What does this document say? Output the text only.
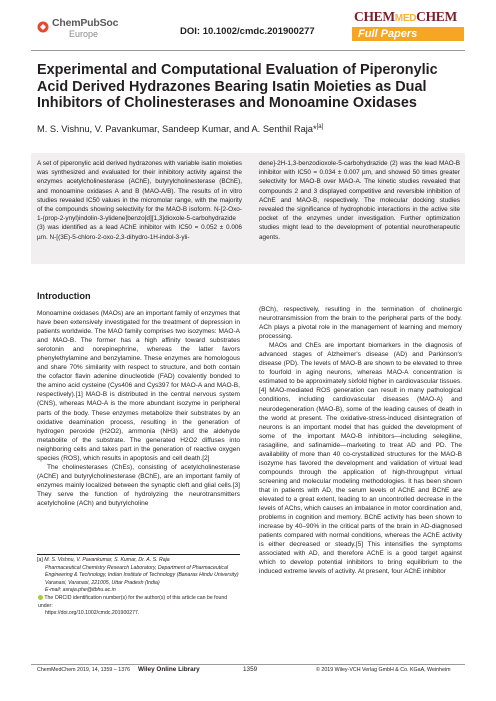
ChemPubSoc
Europe	DOI: 10.1002/cmdc.201900277
CHEMMEDCHEM
Full Papers
Experimental and Computational Evaluation of Piperonylic Acid Derived Hydrazones Bearing Isatin Moieties as Dual Inhibitors of Cholinesterases and Monoamine Oxidases
M. S. Vishnu, V. Pavankumar, Sandeep Kumar, and A. Senthil Raja*[a]

A set of piperonylic acid derived hydrazones with variable isatin moieties was synthesized and evaluated for their inhibitory activity against the enzymes acetylcholinesterase (AChE), butyrylcholinesterase (BChE), and monoamine oxidases A and B (MAO-A/B). The results of in vitro studies revealed IC50 values in the micromolar range, with the majority of the compounds showing selectivity for the MAO-B isoform. N-[2-Oxo-1-(prop-2-ynyl)indolin-3-ylidene]benzo[d][1,3]dioxole-5-carbohydrazide (3) was identified as a lead AChE inhibitor with IC50 = 0.052 ± 0.006 µm. N-[(3E)-5-chloro-2-oxo-2,3-dihydro-1H-indol-3-yli-

dene]-2H-1,3-benzodioxole-5-carbohydrazide (2) was the lead MAO-B inhibitor with IC50 = 0.034 ± 0.007 µm, and showed 50 times greater selectivity for MAO-B over MAO-A. The kinetic studies revealed that compounds 2 and 3 displayed competitive and reversible inhibition of AChE and MAO-B, respectively. The molecular docking studies revealed the significance of hydrophobic interactions in the active site pocket of the enzymes under investigation. Further optimization studies might lead to the development of potential neurotherapeutic agents.

Introduction

Monoamine oxidases (MAOs) are an important family of enzymes that have been extensively investigated for the treatment of depression in patients worldwide. The MAO family comprises two isozymes: MAO-A and MAO-B. The former has a high affinity toward substrates serotonin and norepinephrine, whereas the latter favors phenylethylamine and benzylamine. These enzymes are homologous and share 70% similarity with respect to structure, and both contain the cofactor flavin adenine dinucleotide (FAD) covalently bonded to the amino acid cysteine (Cys406 and Cys397 for MAO-A and MAO-B, respectively).[1] MAO-B is distributed in the central nervous system (CNS), whereas MAO-A is the more abundant isozyme in peripheral parts of the body. These enzymes metabolize their substrates by an oxidative deamination process, resulting in the generation of hydrogen peroxide (H2O2), ammonia (NH3) and the aldehyde metabolite of the substrate. The generated H2O2 diffuses into neighboring cells and takes part in the generation of reactive oxygen species (ROS), which results in apoptosis and cell death.[2]

The cholinesterases (ChEs), consisting of acetylcholinesterase (AChE) and butyrylcholinesterase (BChE), are an important family of enzymes mainly localized between the synaptic cleft and glial cells.[3] They serve the function of hydrolyzing the neurotransmitters acetylcholine (ACh) and butyrylcholine

(BCh), respectively, resulting in the termination of cholinergic neurotransmission from the brain to the peripheral parts of the body. ACh plays a pivotal role in the management of learning and memory processing.

MAOs and ChEs are important biomarkers in the diagnosis of advanced stages of Alzheimer's disease (AD) and Parkinson's disease (PD). The levels of MAO-B are shown to be elevated to three to fourfold in aging neurons, whereas MAO-A concentration is estimated to be approximately sixfold higher in cardiovascular tissues.[4] MAO-mediated ROS generation can result in many pathological conditions, including cardiovascular diseases (MAO-A) and neurodegeneration (MAO-B), some of the leading causes of death in the world at present. The oxidative-stress-induced disintegration of neurons is an important model that has guided the development of some of the important MAO-B inhibitors—including selegiline, rasagiline, and safinamide—marketing to treat AD and PD. The availability of more than 40 co-crystallized structures for the MAO-B isozyme has favored the development and validation of virtual lead compounds through the application of high-throughput virtual screening and molecular modeling methodologies. It has been shown that in patients with AD, the serum levels of AChE and BChE are elevated to a great extent, leading to an uncontrolled decrease in the levels of AChs, which causes an imbalance in motor coordination and, problems in cognition and memory. BChE activity has been shown to increase by 40–90% in the critical parts of the brain in AD-diagnosed patients compared with normal conditions, whereas the AChE activity is either decreased or steady.[5] This intensifies the symptoms associated with AD, and therefore AChE is a good target against which to develop potential inhibitors to bring equilibrium to the induced extreme levels of activity. At present, four AChE inhibitor

[a] M. S. Vishnu, V. Pavankumar, S. Kumar, Dr. A. S. Raja

Pharmaceutical Chemistry Research Laboratory, Department of Pharmaceutical Engineering & Technology, Indian Institute of Technology (Banaras Hindu University) Varanasi, Varanasi, 221005, Uttar Pradesh (India)

E-mail: asraja.phe@itbhu.ac.in

The ORCID identification number(s) for the author(s) of this article can be found under:

https://doi.org/10.1002/cmdc.201900277.

ChemMedChem 2019, 14, 1359 – 1376 Wiley Online Library	1359	© 2019 Wiley-VCH Verlag GmbH & Co. KGaA, Weinheim
